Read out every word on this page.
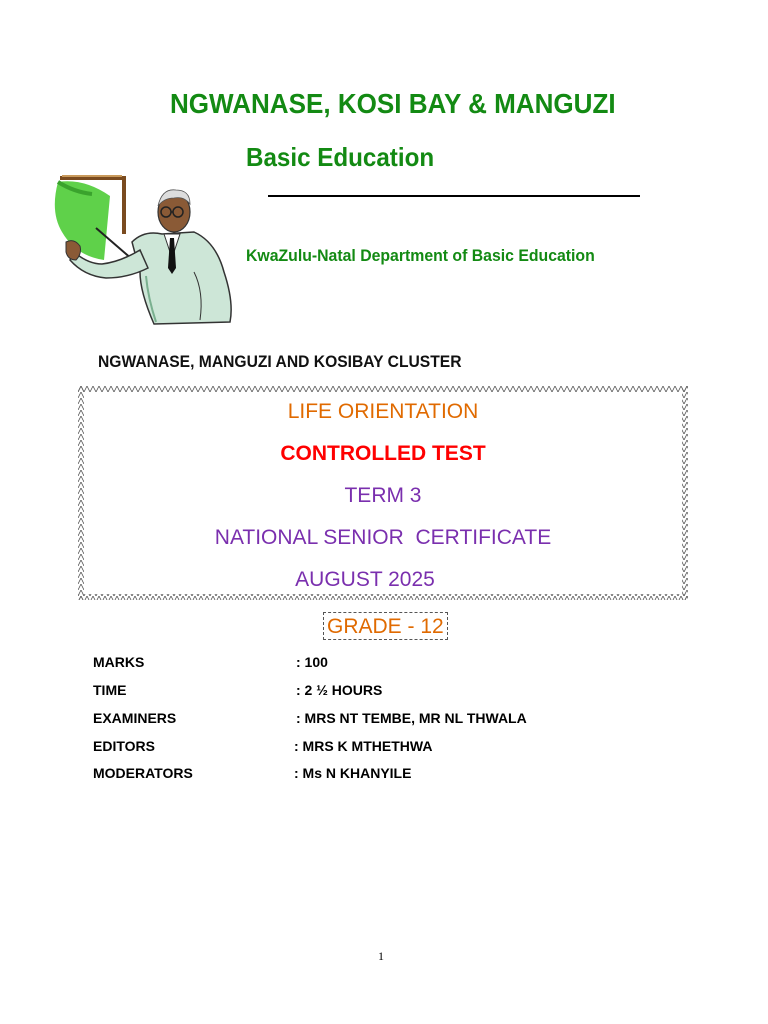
NGWANASE, KOSI BAY & MANGUZI
Basic Education
KwaZulu-Natal Department of Basic Education
NGWANASE, MANGUZI AND KOSIBAY CLUSTER
LIFE ORIENTATION
CONTROLLED TEST
TERM 3
NATIONAL SENIOR  CERTIFICATE
AUGUST 2025
GRADE - 12
MARKS	: 100
TIME	: 2 ½ HOURS
EXAMINERS	: MRS NT TEMBE, MR NL THWALA
EDITORS	: MRS K MTHETHWA
MODERATORS	: Ms N KHANYILE
1
